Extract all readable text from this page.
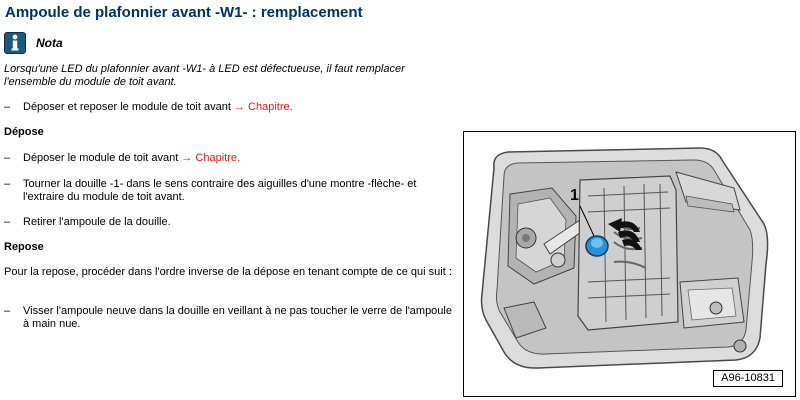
Ampoule de plafonnier avant -W1- : remplacement
Nota

Lorsqu'une LED du plafonnier avant -W1- à LED est défectueuse, il faut remplacer l'ensemble du module de toit avant.

–	Déposer et reposer le module de toit avant → Chapitre.

Dépose

–	Déposer le module de toit avant → Chapitre.

–	Tourner la douille -1- dans le sens contraire des aiguilles d'une montre -flèche- et l'extraire du module de toit avant.

–	Retirer l'ampoule de la douille.

Repose

Pour la repose, procéder dans l'ordre inverse de la dépose en tenant compte de ce qui suit :

–	Visser l'ampoule neuve dans la douille en veillant à ne pas toucher le verre de l'ampoule à main nue.

1
A96-10831
